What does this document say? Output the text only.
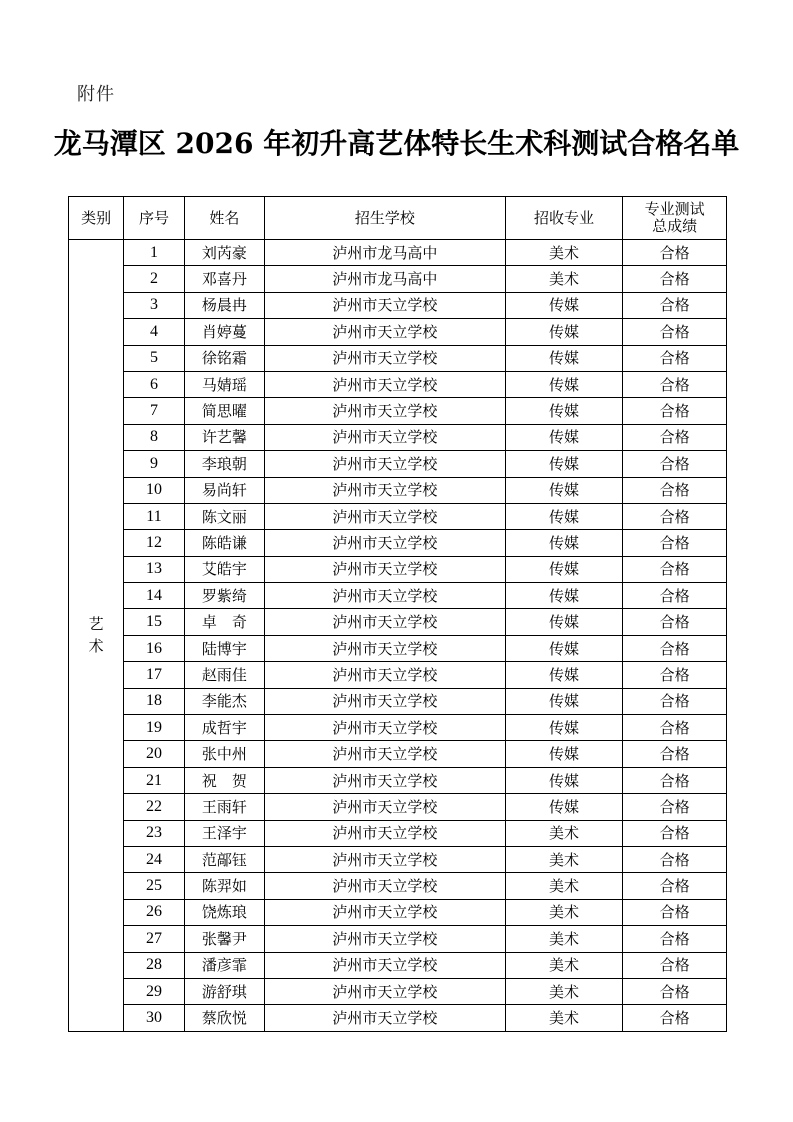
附件
龙马潭区 2026 年初升高艺体特长生术科测试合格名单
类别	序号	姓名	招生学校	招收专业	专业测试
总成绩

艺术	1	刘芮豪	泸州市龙马高中	美术	合格
	2	邓喜丹	泸州市龙马高中	美术	合格
	3	杨晨冉	泸州市天立学校	传媒	合格
	4	肖婷蔓	泸州市天立学校	传媒	合格
	5	徐铭霜	泸州市天立学校	传媒	合格
	6	马婧瑶	泸州市天立学校	传媒	合格
	7	简思曜	泸州市天立学校	传媒	合格
	8	许艺馨	泸州市天立学校	传媒	合格
	9	李琅朝	泸州市天立学校	传媒	合格
	10	易尚轩	泸州市天立学校	传媒	合格
	11	陈文丽	泸州市天立学校	传媒	合格
	12	陈皓谦	泸州市天立学校	传媒	合格
	13	艾皓宇	泸州市天立学校	传媒	合格
	14	罗紫绮	泸州市天立学校	传媒	合格
	15	卓　奇	泸州市天立学校	传媒	合格
	16	陆博宇	泸州市天立学校	传媒	合格
	17	赵雨佳	泸州市天立学校	传媒	合格
	18	李能杰	泸州市天立学校	传媒	合格
	19	成哲宇	泸州市天立学校	传媒	合格
	20	张中州	泸州市天立学校	传媒	合格
	21	祝　贺	泸州市天立学校	传媒	合格
	22	王雨轩	泸州市天立学校	传媒	合格
	23	王泽宇	泸州市天立学校	美术	合格
	24	范鄗钰	泸州市天立学校	美术	合格
	25	陈羿如	泸州市天立学校	美术	合格
	26	饶炼琅	泸州市天立学校	美术	合格
	27	张馨尹	泸州市天立学校	美术	合格
	28	潘彦霏	泸州市天立学校	美术	合格
	29	游舒琪	泸州市天立学校	美术	合格
	30	蔡欣悦	泸州市天立学校	美术	合格
